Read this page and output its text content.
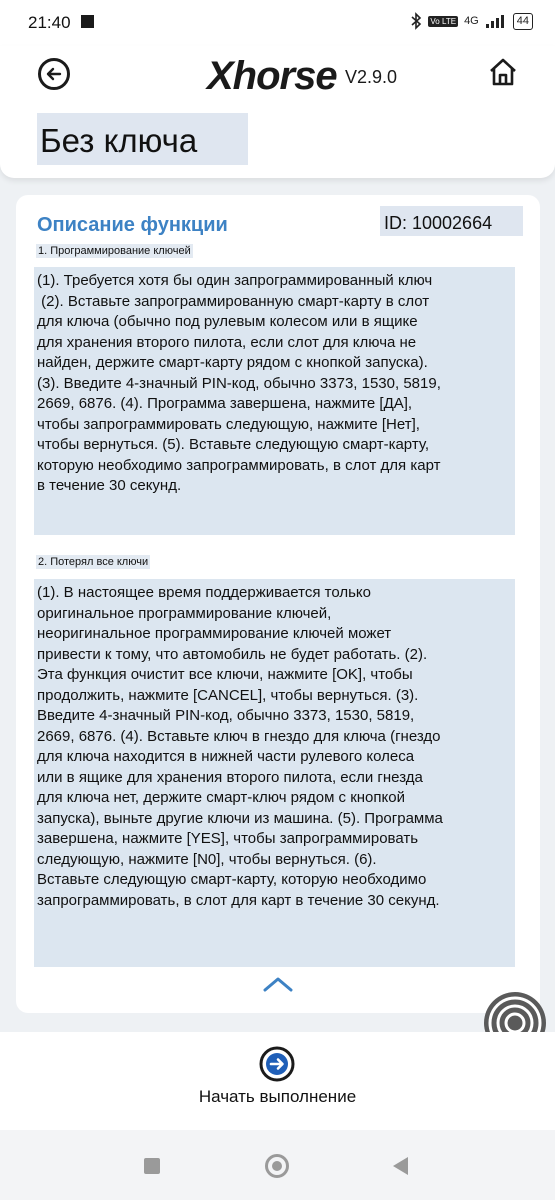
21:40	Vo LTE 4G	44
Xhorse V2.9.0
Без ключа
Описание функции	ID: 10002664
1. Программирование ключей
(1). Требуется хотя бы один запрограммированный ключ
(2). Вставьте запрограммированную смарт-карту в слот
для ключа (обычно под рулевым колесом или в ящике
для хранения второго пилота, если слот для ключа не
найден, держите смарт-карту рядом с кнопкой запуска).
(3). Введите 4-значный PIN-код, обычно 3373, 1530, 5819,
2669, 6876. (4). Программа завершена, нажмите [ДА],
чтобы запрограммировать следующую, нажмите [Нет],
чтобы вернуться. (5). Вставьте следующую смарт-карту,
которую необходимо запрограммировать, в слот для карт
в течение 30 секунд.
2. Потерял все ключи
(1). В настоящее время поддерживается только
оригинальное программирование ключей,
неоригинальное программирование ключей может
привести к тому, что автомобиль не будет работать. (2).
Эта функция очистит все ключи, нажмите [OK], чтобы
продолжить, нажмите [CANCEL], чтобы вернуться. (3).
Введите 4-значный PIN-код, обычно 3373, 1530, 5819,
2669, 6876. (4). Вставьте ключ в гнездо для ключа (гнездо
для ключа находится в нижней части рулевого колеса
или в ящике для хранения второго пилота, если гнезда
для ключа нет, держите смарт-ключ рядом с кнопкой
запуска), выньте другие ключи из машина. (5). Программа
завершена, нажмите [YES], чтобы запрограммировать
следующую, нажмите [N0], чтобы вернуться. (6).
Вставьте следующую смарт-карту, которую необходимо
запрограммировать, в слот для карт в течение 30 секунд.
Начать выполнение
